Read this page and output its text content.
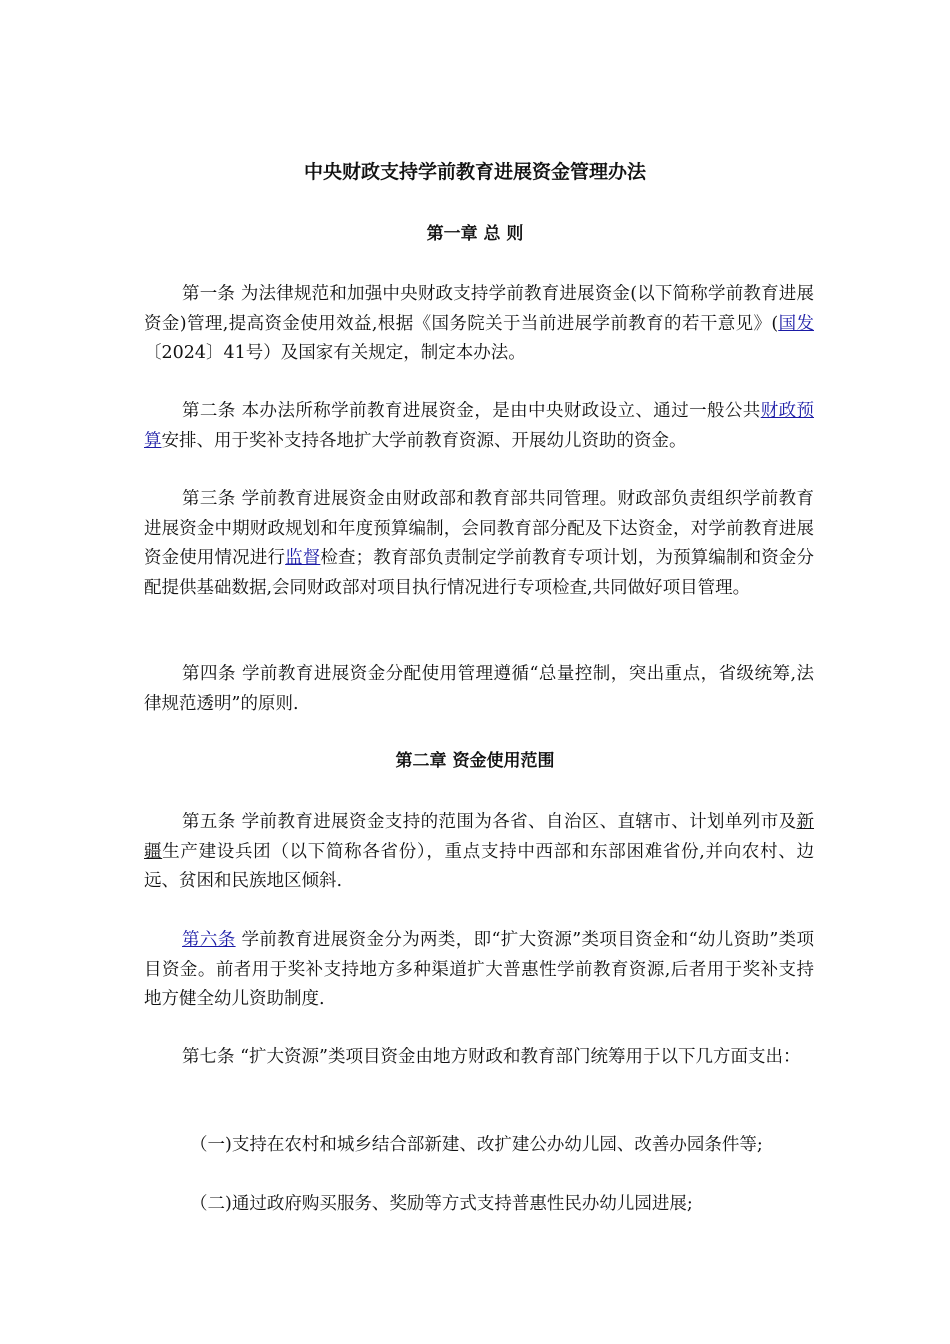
中央财政支持学前教育进展资金管理办法
第一章 总 则

第一条 为法律规范和加强中央财政支持学前教育进展资金(以下简称学前教育进展资金)管理,提高资金使用效益,根据《国务院关于当前进展学前教育的若干意见》(国发〔2024〕41号）及国家有关规定，制定本办法。

第二条 本办法所称学前教育进展资金，是由中央财政设立、通过一般公共财政预算安排、用于奖补支持各地扩大学前教育资源、开展幼儿资助的资金。

第三条 学前教育进展资金由财政部和教育部共同管理。财政部负责组织学前教育进展资金中期财政规划和年度预算编制，会同教育部分配及下达资金，对学前教育进展资金使用情况进行监督检查；教育部负责制定学前教育专项计划，为预算编制和资金分配提供基础数据,会同财政部对项目执行情况进行专项检查,共同做好项目管理。

第四条 学前教育进展资金分配使用管理遵循“总量控制，突出重点，省级统筹,法律规范透明”的原则.

第二章 资金使用范围

第五条 学前教育进展资金支持的范围为各省、自治区、直辖市、计划单列市及新疆生产建设兵团（以下简称各省份），重点支持中西部和东部困难省份,并向农村、边远、贫困和民族地区倾斜.

第六条 学前教育进展资金分为两类，即“扩大资源”类项目资金和“幼儿资助”类项目资金。前者用于奖补支持地方多种渠道扩大普惠性学前教育资源,后者用于奖补支持地方健全幼儿资助制度.

第七条 “扩大资源”类项目资金由地方财政和教育部门统筹用于以下几方面支出：

（一)支持在农村和城乡结合部新建、改扩建公办幼儿园、改善办园条件等;

（二)通过政府购买服务、奖励等方式支持普惠性民办幼儿园进展;
